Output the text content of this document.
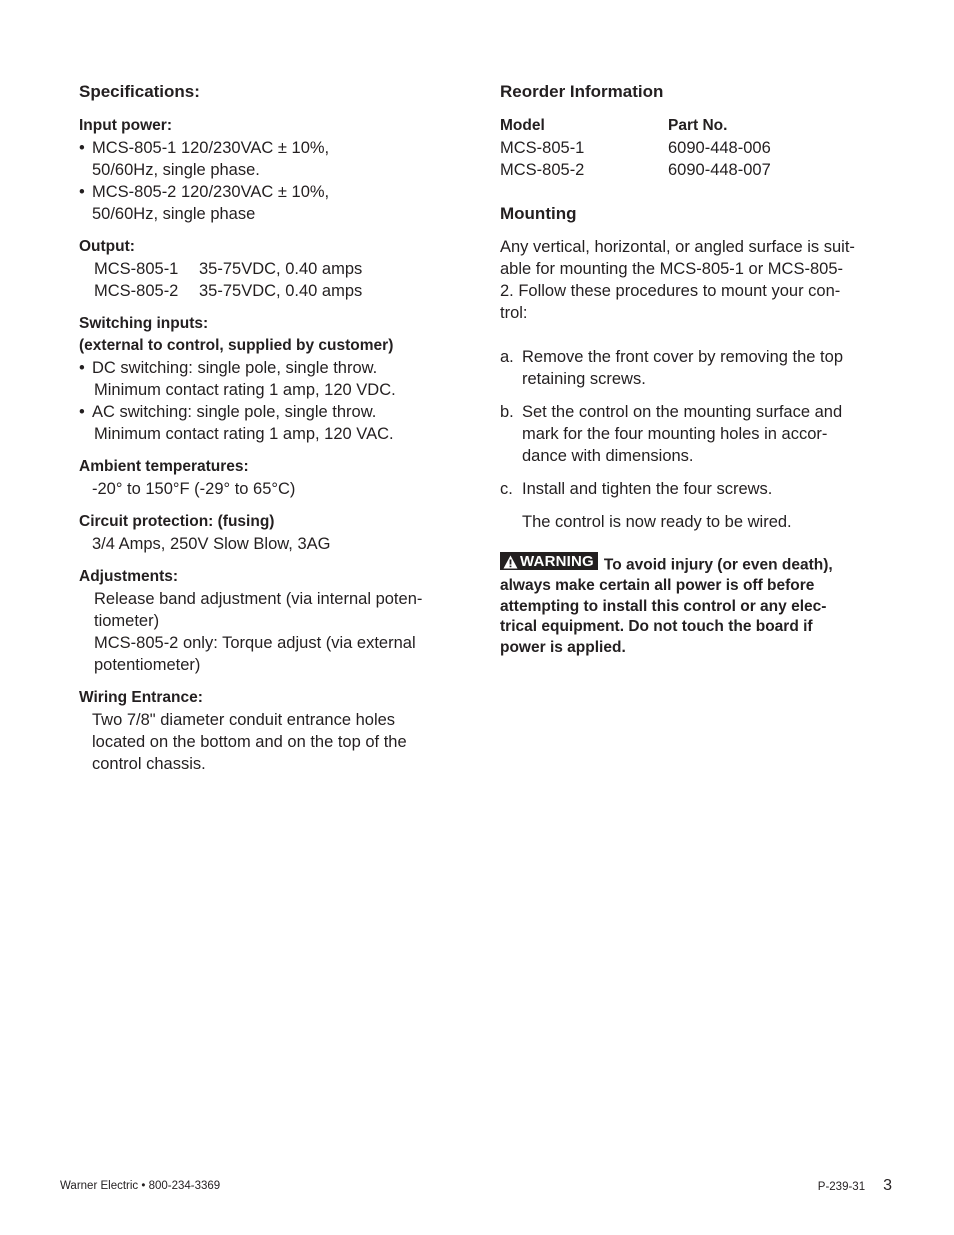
Specifications:
Input power:
• MCS-805-1 120/230VAC ± 10%,
50/60Hz, single phase.
• MCS-805-2 120/230VAC ± 10%,
50/60Hz, single phase
Output:
MCS-805-1	35-75VDC, 0.40 amps
MCS-805-2	35-75VDC, 0.40 amps
Switching inputs:
(external to control, supplied by customer)
• DC switching: single pole, single throw.
Minimum contact rating 1 amp, 120 VDC.
• AC switching: single pole, single throw.
Minimum contact rating 1 amp, 120 VAC.
Ambient temperatures:
-20° to 150°F (-29° to 65°C)
Circuit protection: (fusing)
3/4 Amps, 250V Slow Blow, 3AG
Adjustments:
Release band adjustment (via internal poten-
tiometer)
MCS-805-2 only: Torque adjust (via external
potentiometer)
Wiring Entrance:
Two 7/8" diameter conduit entrance holes
located on the bottom and on the top of the
control chassis.
Reorder Information
Model	Part No.
MCS-805-1	6090-448-006
MCS-805-2	6090-448-007
Mounting
Any vertical, horizontal, or angled surface is suit-
able for mounting the MCS-805-1 or MCS-805-
2. Follow these procedures to mount your con-
trol:
a. Remove the front cover by removing the top
retaining screws.
b. Set the control on the mounting surface and
mark for the four mounting holes in accor-
dance with dimensions.
c. Install and tighten the four screws.
The control is now ready to be wired.
WARNING To avoid injury (or even death),
always make certain all power is off before
attempting to install this control or any elec-
trical equipment. Do not touch the board if
power is applied.
Warner Electric • 800-234-3369	P-239-31 3
